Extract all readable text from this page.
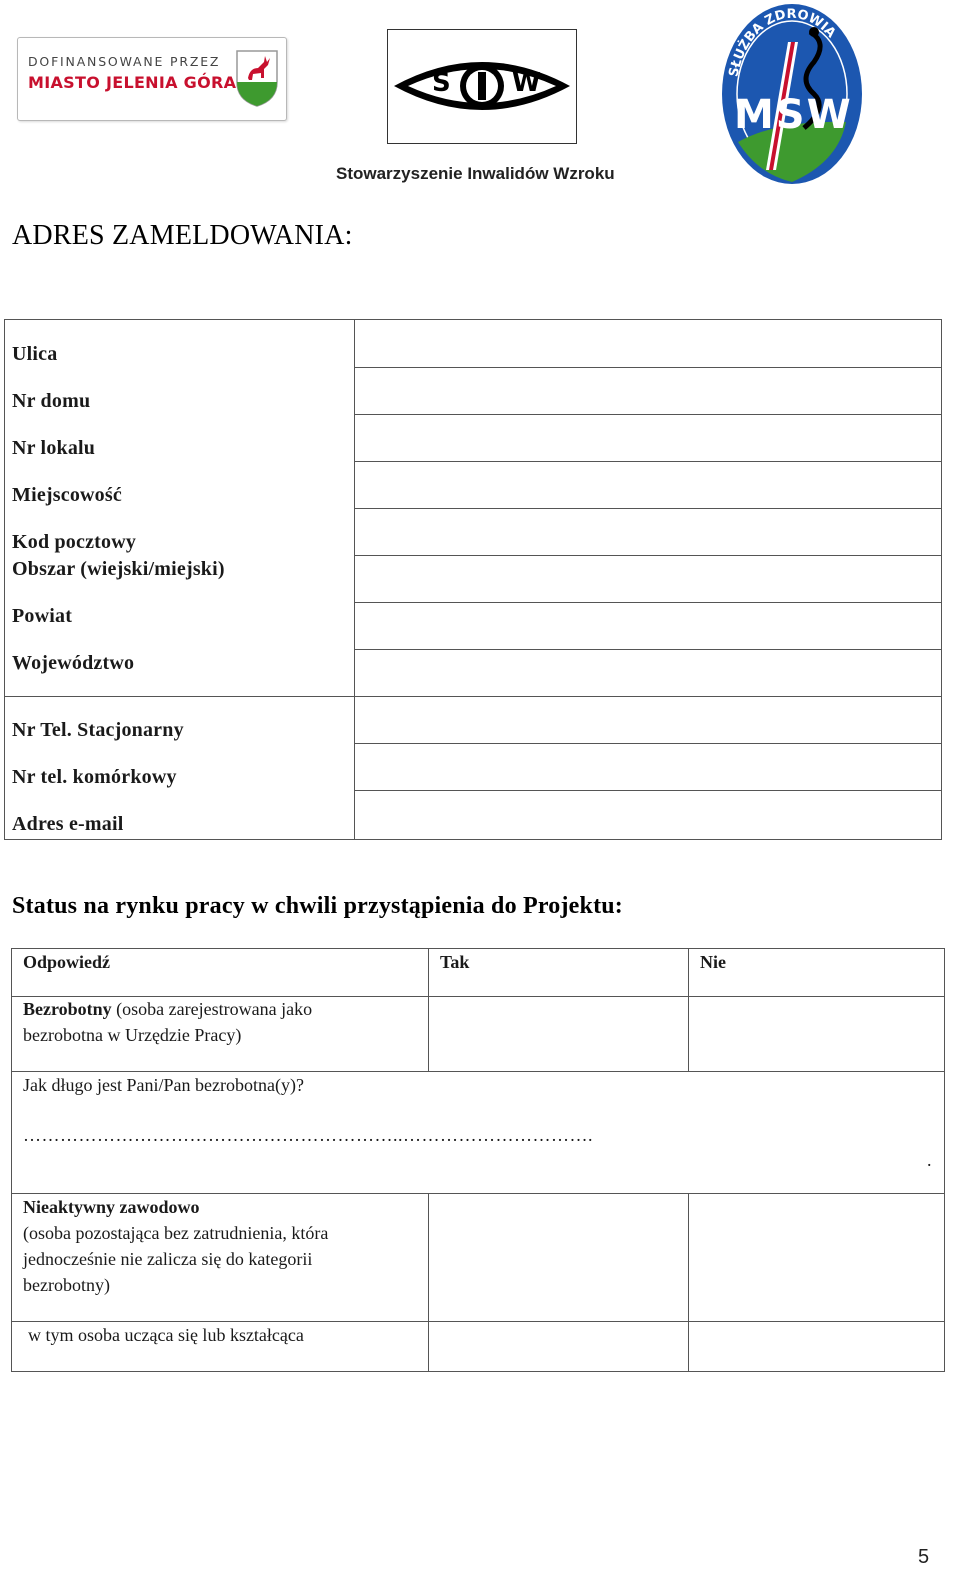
DOFINANSOWANE PRZEZ
MIASTO JELENIA GÓRA	S W
Stowarzyszenie Inwalidów Wzroku
SŁUŻBA ZDROWIA
MSW
ADRES ZAMELDOWANIA:
Ulica
Nr domu
Nr lokalu
Miejscowość
Kod pocztowy
Obszar (wiejski/miejski)
Powiat
Województwo
Nr Tel. Stacjonarny
Nr tel. komórkowy
Adres e-mail
Status na rynku pracy w chwili przystąpienia do Projektu:
Odpowiedź	Tak	Nie
Bezrobotny (osoba zarejestrowana jako
bezrobotna w Urzędzie Pracy)
Jak długo jest Pani/Pan bezrobotna(y)?
……………………………………………………..………………………….
.
Nieaktywny zawodowo
(osoba pozostająca bez zatrudnienia, która
jednocześnie nie zalicza się do kategorii
bezrobotny)
w tym osoba ucząca się lub kształcąca
5
